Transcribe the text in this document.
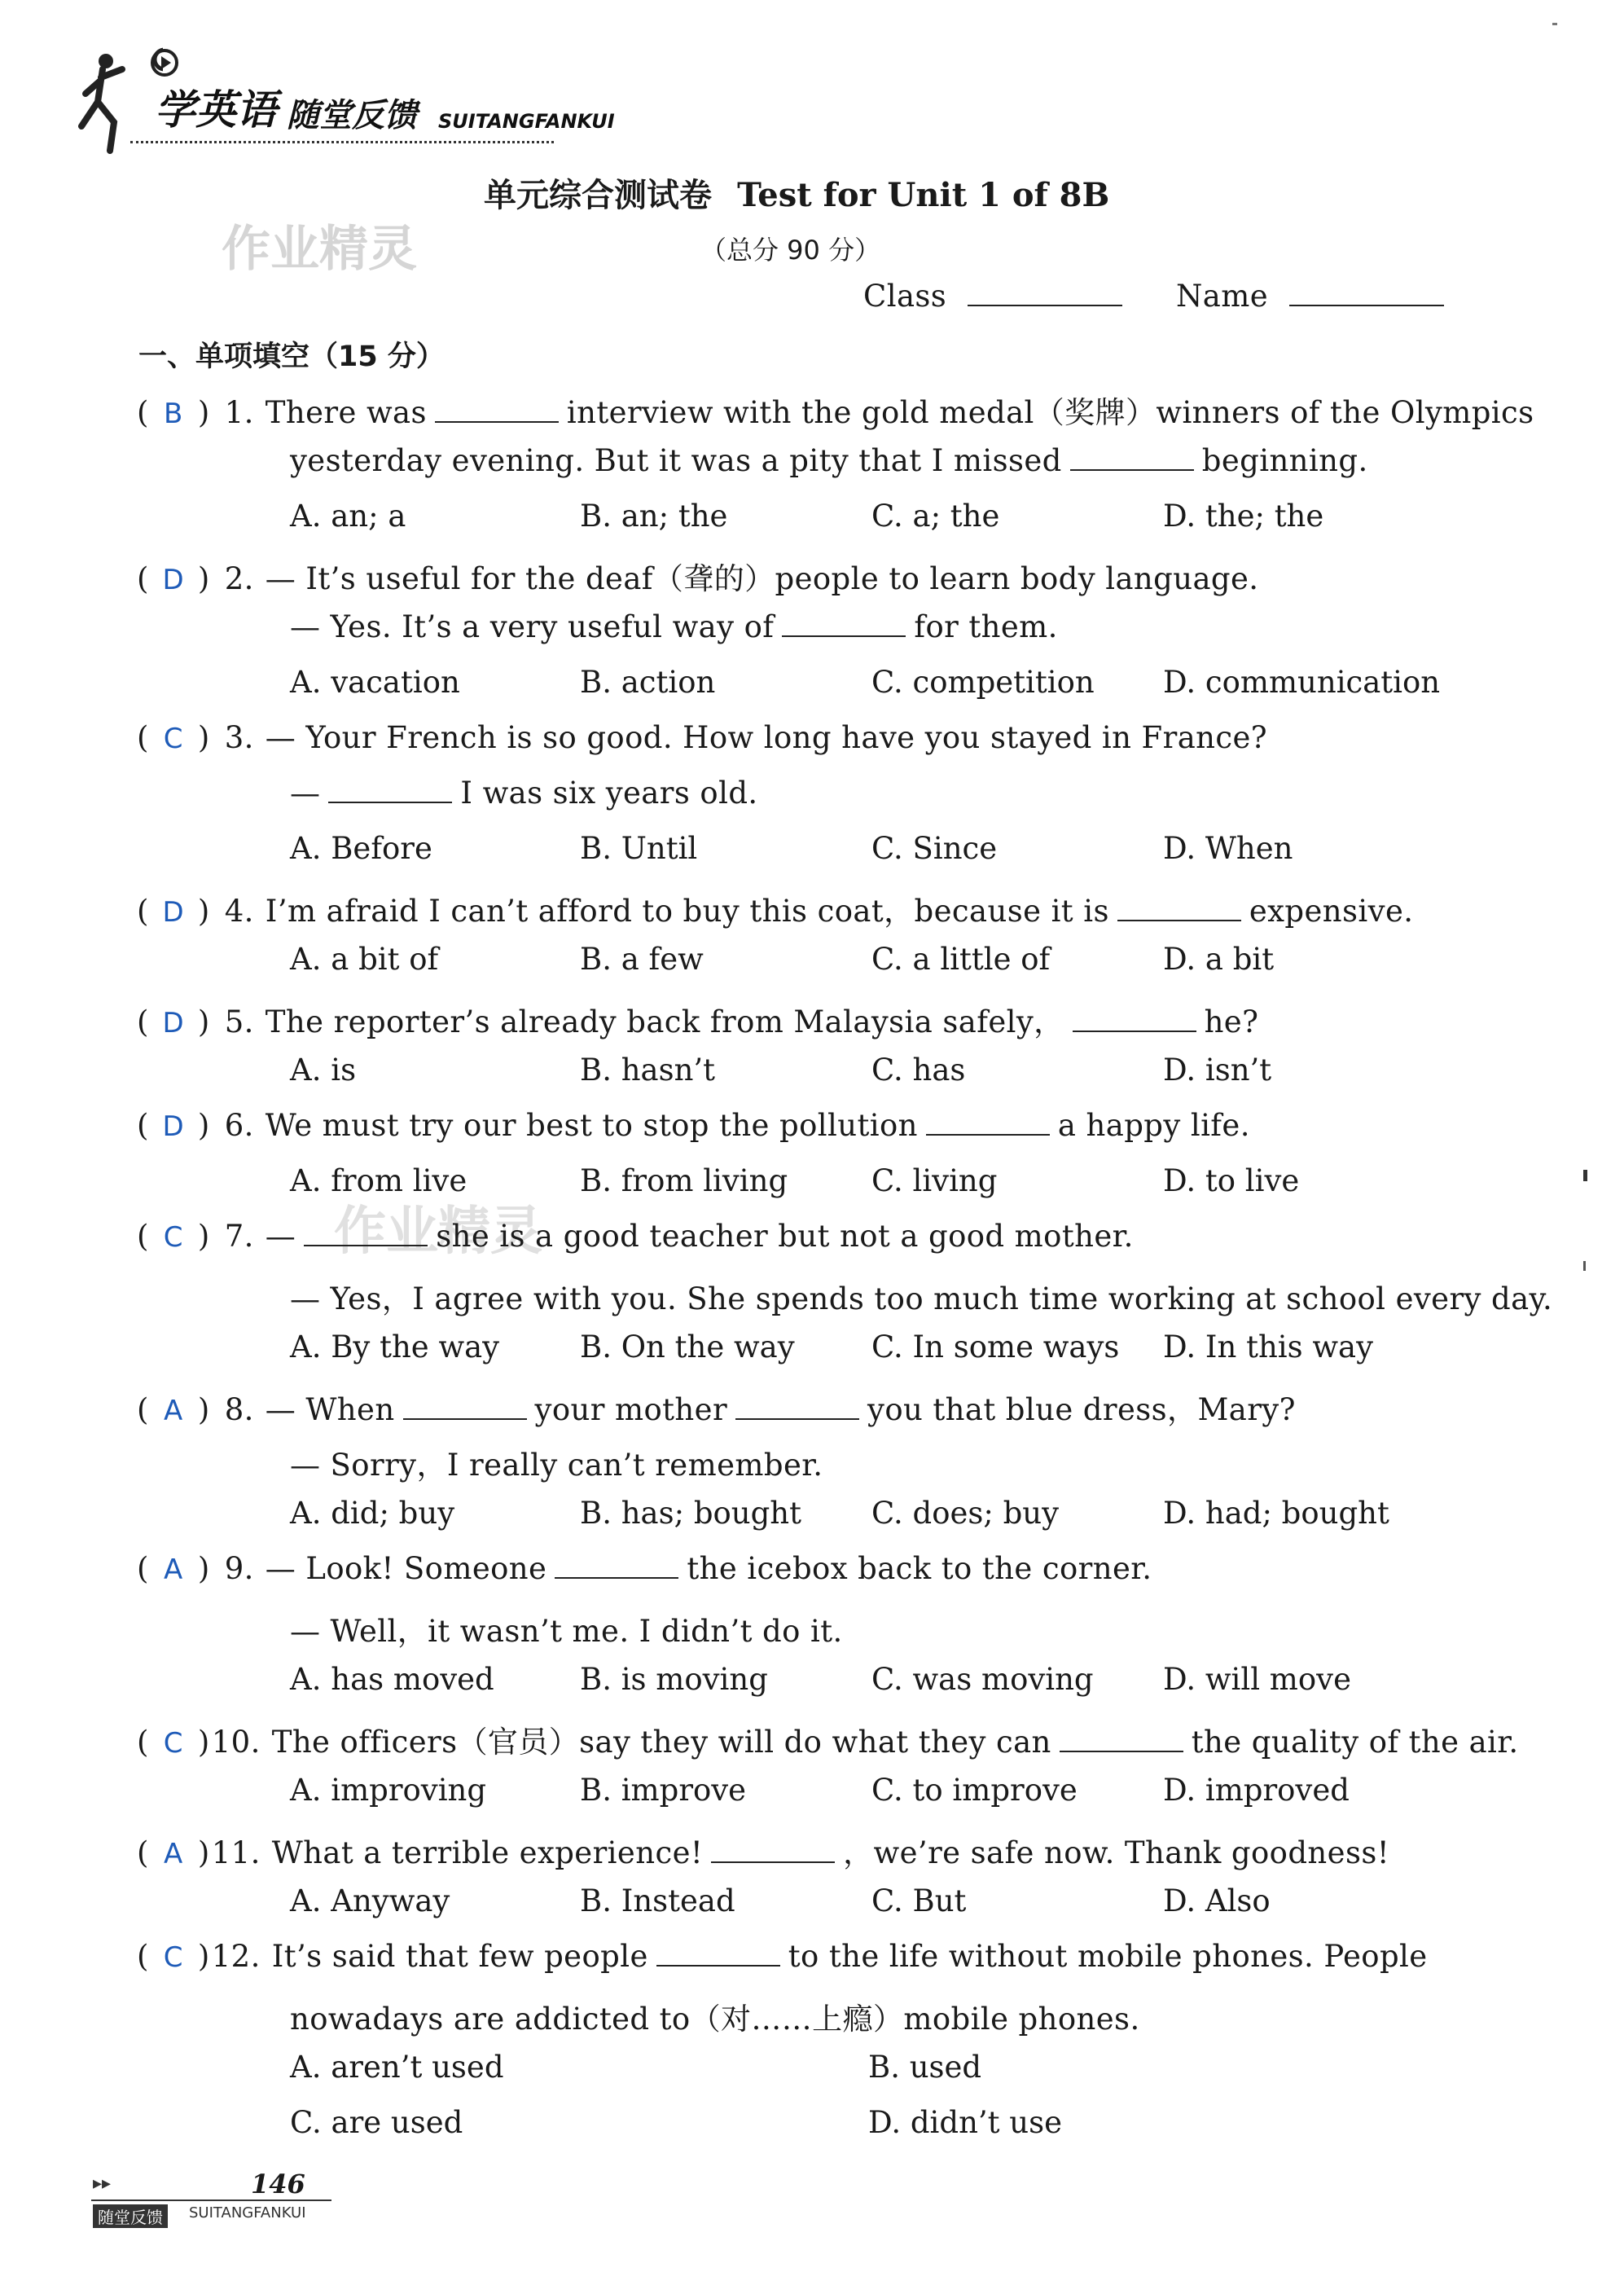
学英语 随堂反馈 SUITANGFANKUI
作业精灵
作业精灵
单元综合测试卷 Test for Unit 1 of 8B
（总分 90 分）
Class	Name
一、单项填空（15 分）
( B ) 1. There was	interview with the gold medal（奖牌）winners of the Olympics
yesterday evening. But it was a pity that I missed	beginning.
A. an; a	B. an; the	C. a; the	D. the; the
( D ) 2. — It’s useful for the deaf（聋的）people to learn body language.
— Yes. It’s a very useful way of	for them.
A. vacation	B. action	C. competition D. communication
( C ) 3. — Your French is so good. How long have you stayed in France?
—	I was six years old.
A. Before	B. Until	C. Since	D. When
( D ) 4. I’m afraid I can’t afford to buy this coat，because it is	expensive.
A. a bit of	B. a few	C. a little of	D. a bit
( D ) 5. The reporter’s already back from Malaysia safely，	he?
A. is	B. hasn’t	C. has	D. isn’t
( D ) 6. We must try our best to stop the pollution	a happy life.
A. from live	B. from living	C. living	D. to live
( C ) 7. —	she is a good teacher but not a good mother.
— Yes，I agree with you. She spends too much time working at school every day.
A. By the way	B. On the way	C. In some ways D. In this way
( A ) 8. — When	your mother	you that blue dress，Mary?
— Sorry，I really can’t remember.
A. did; buy	B. has; bought C. does; buy	D. had; bought
( A ) 9. — Look! Someone	the icebox back to the corner.
— Well，it wasn’t me. I didn’t do it.
A. has moved	B. is moving	C. was moving D. will move
( C )10. The officers（官员）say they will do what they can	the quality of the air.
A. improving	B. improve	C. to improve	D. improved
( A )11. What a terrible experience!	，we’re safe now. Thank goodness!
A. Anyway	B. Instead	C. But	D. Also
( C )12. It’s said that few people	to the life without mobile phones. People
nowadays are addicted to（对……上瘾）mobile phones.
A. aren’t used	B. used
C. are used	D. didn’t use
▸▸	146
随堂反馈	SUITANGFANKUI
